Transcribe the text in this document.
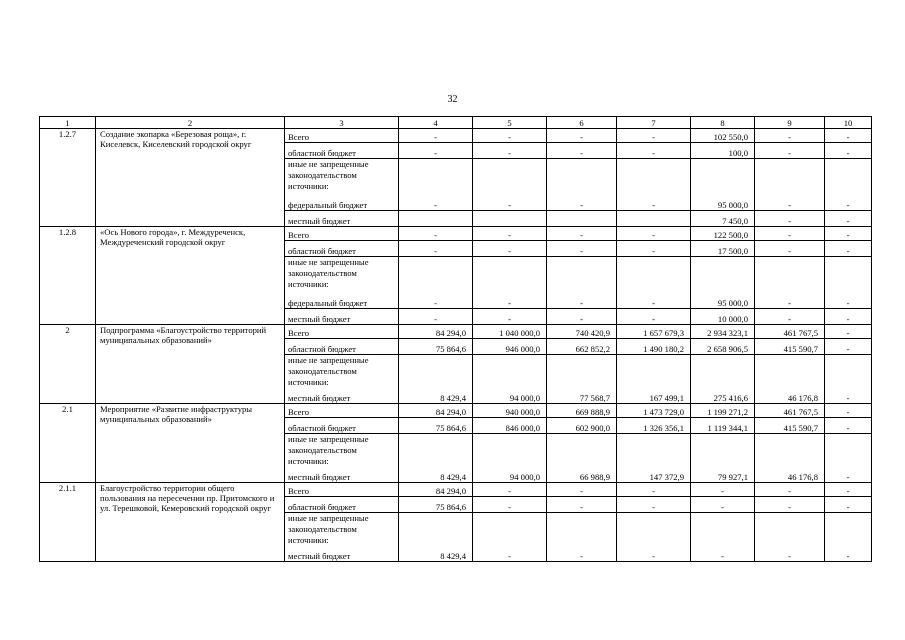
32
1	2	3	4	5	6	7	8	9	10
1.2.7	Создание экопарка «Березовая роща», г. Киселевск, Киселевский городской округ	Всего	-	-	-	-	102 550,0	-	-
		областной бюджет	-	-	-	-	100,0	-	-
		иные не запрещенные законодательством источники:							
		федеральный бюджет	-	-	-	-	95 000,0	-	-
		местный бюджет					7 450,0	-	-
1.2.8	«Ось Нового города», г. Междуреченск, Междуреченский городской округ	Всего	-	-	-	-	122 500,0	-	-
		областной бюджет	-	-	-	-	17 500,0	-	-
		иные не запрещенные законодательством источники:							
		федеральный бюджет	-	-	-	-	95 000,0	-	-
		местный бюджет	-	-	-	-	10 000,0	-	-
2	Подпрограмма «Благоустройство территорий муниципальных образований»	Всего	84 294,0	1 040 000,0	740 420,9	1 657 679,3	2 934 323,1	461 767,5	-
		областной бюджет	75 864,6	946 000,0	662 852,2	1 490 180,2	2 658 906,5	415 590,7	-
		иные не запрещенные законодательством источники:							
		местный бюджет	8 429,4	94 000,0	77 568,7	167 499,1	275 416,6	46 176,8	-
2.1	Мероприятие «Развитие инфраструктуры муниципальных образований»	Всего	84 294,0	940 000,0	669 888,9	1 473 729,0	1 199 271,2	461 767,5	-
		областной бюджет	75 864,6	846 000,0	602 900,0	1 326 356,1	1 119 344,1	415 590,7	-
		иные не запрещенные законодательством источники:							
		местный бюджет	8 429,4	94 000,0	66 988,9	147 372,9	79 927,1	46 176,8	-
2.1.1	Благоустройство территории общего пользования на пересечении пр. Притомского и ул. Терешковой, Кемеровский городской округ	Всего	84 294,0	-	-	-	-	-	-
		областной бюджет	75 864,6	-	-	-	-	-	-
		иные не запрещенные законодательством источники:							
		местный бюджет	8 429,4	-	-	-	-	-	-
